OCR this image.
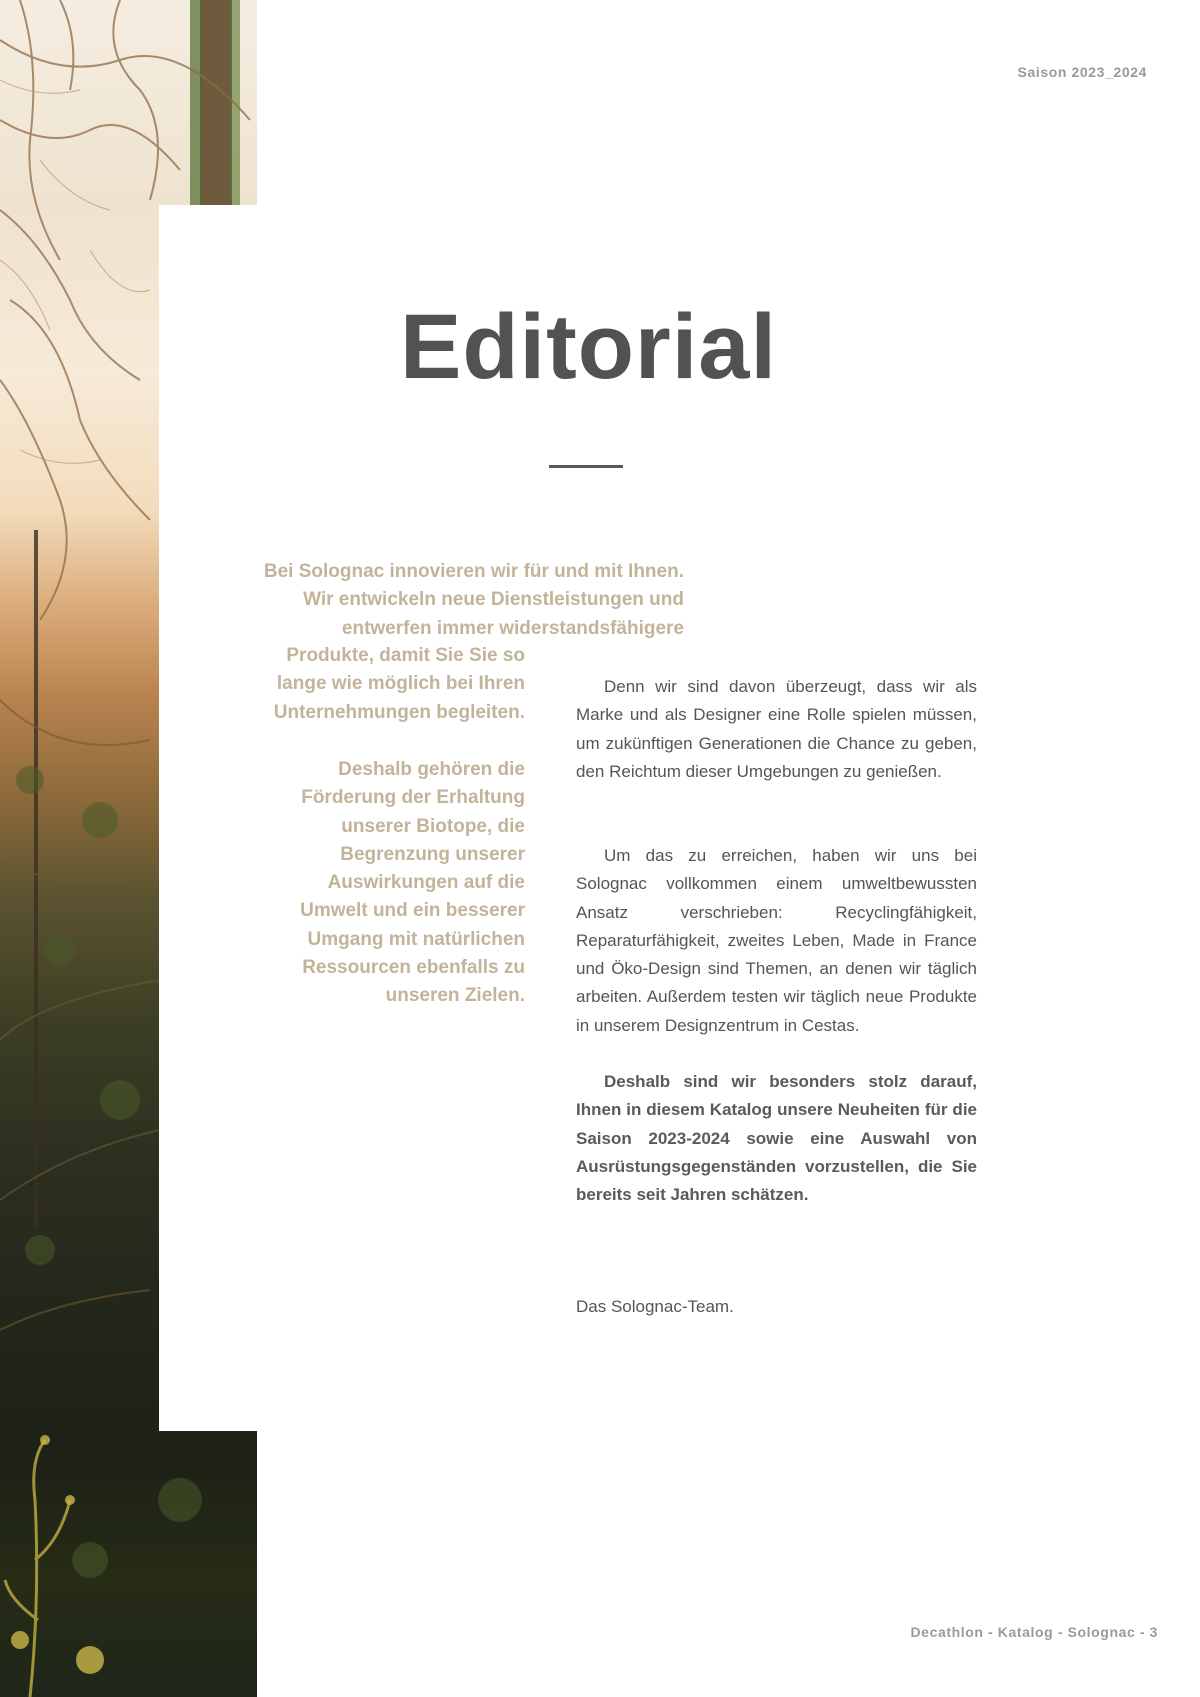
Saison 2023_2024
Editorial

Bei Solognac innovieren wir für und mit Ihnen. Wir entwickeln neue Dienstleistungen und entwerfen immer widerstandsfähigere

Produkte, damit Sie Sie so lange wie möglich bei Ihren Unternehmungen begleiten.

Deshalb gehören die Förderung der Erhaltung unserer Biotope, die Begrenzung unserer Auswirkungen auf die Umwelt und ein besserer Umgang mit natürlichen Ressourcen ebenfalls zu unseren Zielen.

Denn wir sind davon überzeugt, dass wir als Marke und als Designer eine Rolle spielen müssen, um zukünftigen Generationen die Chance zu geben, den Reichtum dieser Umgebungen zu genießen.

Um das zu erreichen, haben wir uns bei Solognac vollkommen einem umweltbewussten Ansatz verschrieben: Recyclingfähigkeit, Reparaturfähigkeit, zweites Leben, Made in France und Öko-Design sind Themen, an denen wir täglich arbeiten. Außerdem testen wir täglich neue Produkte in unserem Designzentrum in Cestas.

Deshalb sind wir besonders stolz darauf, Ihnen in diesem Katalog unsere Neuheiten für die Saison 2023-2024 sowie eine Auswahl von Ausrüstungsgegenständen vorzustellen, die Sie bereits seit Jahren schätzen.

Das Solognac-Team.

Decathlon - Katalog - Solognac - 3
